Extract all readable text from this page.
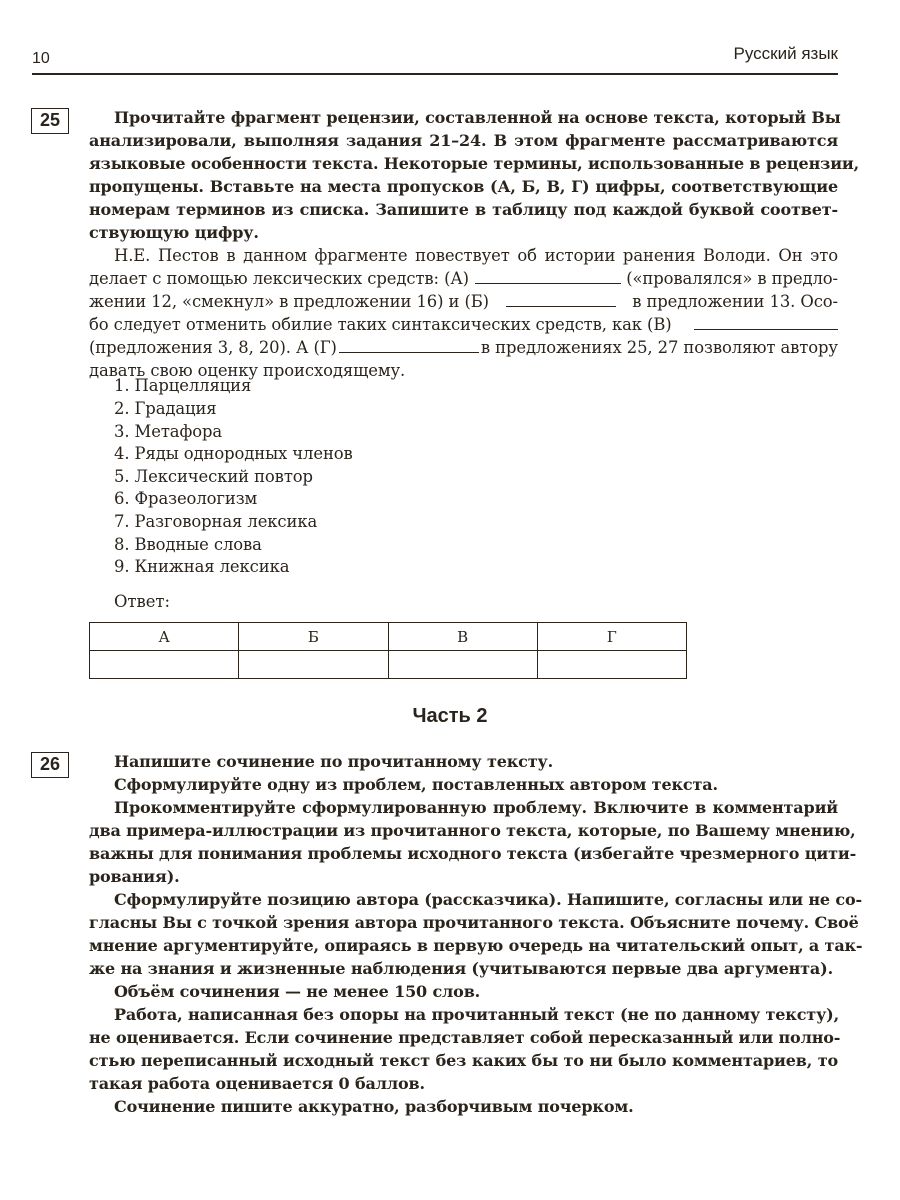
10	Русский язык
25	Прочитайте фрагмент рецензии, составленной на основе текста, который Вы
анализировали, выполняя задания 21–24. В этом фрагменте рассматриваются
языковые особенности текста. Некоторые термины, использованные в рецензии,
пропущены. Вставьте на места пропусков (А, Б, В, Г) цифры, соответствующие
номерам терминов из списка. Запишите в таблицу под каждой буквой соответ-
ствующую цифру.
Н.Е. Пестов в данном фрагменте повествует об истории ранения Володи. Он это
делает с помощью лексических средств: (А)	(«провалялся» в предло-
жении 12, «смекнул» в предложении 16) и (Б)	в предложении 13. Осо-
бо следует отменить обилие таких синтаксических средств, как (В)
(предложения 3, 8, 20). А (Г)	в предложениях 25, 27 позволяют автору
давать свою оценку происходящему.
1. Парцелляция
2. Градация
3. Метафора
4. Ряды однородных членов
5. Лексический повтор
6. Фразеологизм
7. Разговорная лексика
8. Вводные слова
9. Книжная лексика
Ответ:
А	Б	В	Г

Часть 2
26	Напишите сочинение по прочитанному тексту.
Сформулируйте одну из проблем, поставленных автором текста.
Прокомментируйте сформулированную проблему. Включите в комментарий
два примера-иллюстрации из прочитанного текста, которые, по Вашему мнению,
важны для понимания проблемы исходного текста (избегайте чрезмерного цити-
рования).
Сформулируйте позицию автора (рассказчика). Напишите, согласны или не со-
гласны Вы с точкой зрения автора прочитанного текста. Объясните почему. Своё
мнение аргументируйте, опираясь в первую очередь на читательский опыт, а так-
же на знания и жизненные наблюдения (учитываются первые два аргумента).
Объём сочинения — не менее 150 слов.
Работа, написанная без опоры на прочитанный текст (не по данному тексту),
не оценивается. Если сочинение представляет собой пересказанный или полно-
стью переписанный исходный текст без каких бы то ни было комментариев, то
такая работа оценивается 0 баллов.
Сочинение пишите аккуратно, разборчивым почерком.
